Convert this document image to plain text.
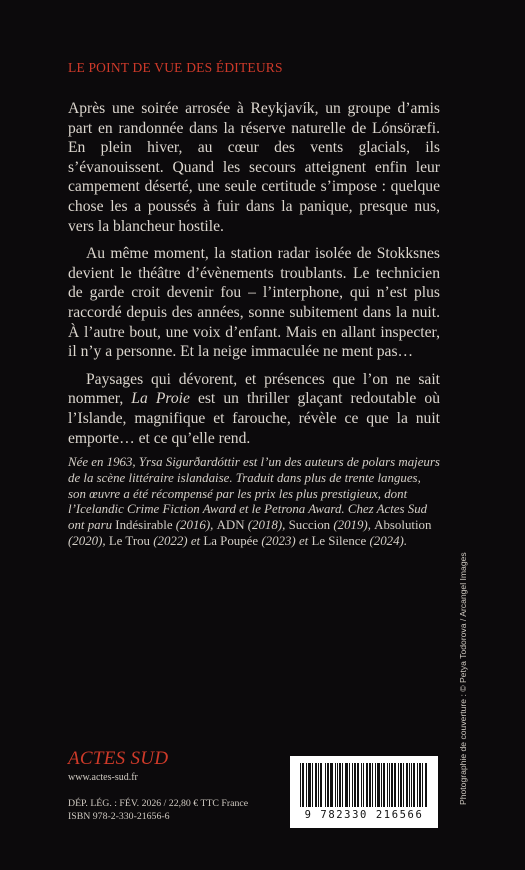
LE POINT DE VUE DES ÉDITEURS

Après une soirée arrosée à Reykjavík, un groupe d’amis part en randonnée dans la réserve naturelle de Lónsöræfi. En plein hiver, au cœur des vents glacials, ils s’évanouissent. Quand les secours atteignent enfin leur campement déserté, une seule certitude s’impose : quelque chose les a poussés à fuir dans la panique, presque nus, vers la blancheur hostile.

Au même moment, la station radar isolée de Stokksnes devient le théâtre d’évènements troublants. Le technicien de garde croit devenir fou – l’interphone, qui n’est plus raccordé depuis des années, sonne subitement dans la nuit. À l’autre bout, une voix d’enfant. Mais en allant inspecter, il n’y a personne. Et la neige immaculée ne ment pas…

Paysages qui dévorent, et présences que l’on ne sait nommer, La Proie est un thriller glaçant redoutable où l’Islande, magnifique et farouche, révèle ce que la nuit emporte… et ce qu’elle rend.

Née en 1963, Yrsa Sigurðardóttir est l’un des auteurs de polars majeurs de la scène littéraire islandaise. Traduit dans plus de trente langues, son œuvre a été récompensé par les prix les plus prestigieux, dont l’Icelandic Crime Fiction Award et le Petrona Award. Chez Actes Sud ont paru Indésirable (2016), ADN (2018), Succion (2019), Absolution (2020), Le Trou (2022) et La Poupée (2023) et Le Silence (2024).
ACTES SUD
www.actes-sud.fr
DÉP. LÉG. : FÉV. 2026 / 22,80 € TTC France
ISBN 978-2-330-21656-6	9 782330 216566
Photographie de couverture : © Petya Todorova / Arcangel Images
